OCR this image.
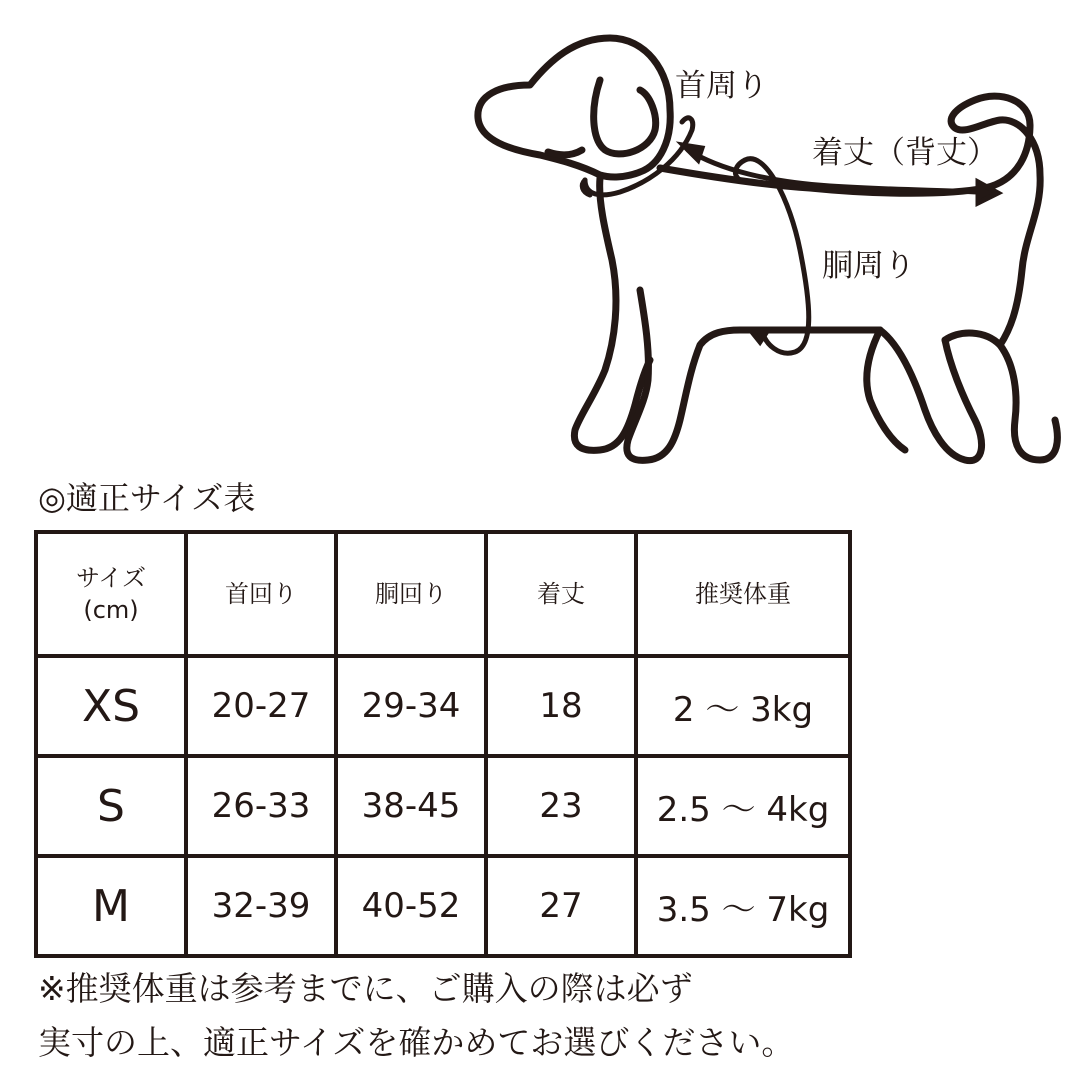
首周り
着丈（背丈）
胴周り
◎適正サイズ表
サイズ
(cm)	首回り	胴回り	着丈	推奨体重
XS	20-27	29-34	18	2 ～ 3kg
S	26-33	38-45	23	2.5 ～ 4kg
M	32-39	40-52	27	3.5 ～ 7kg
※推奨体重は参考までに、ご購入の際は必ず
実寸の上、適正サイズを確かめてお選びください。
